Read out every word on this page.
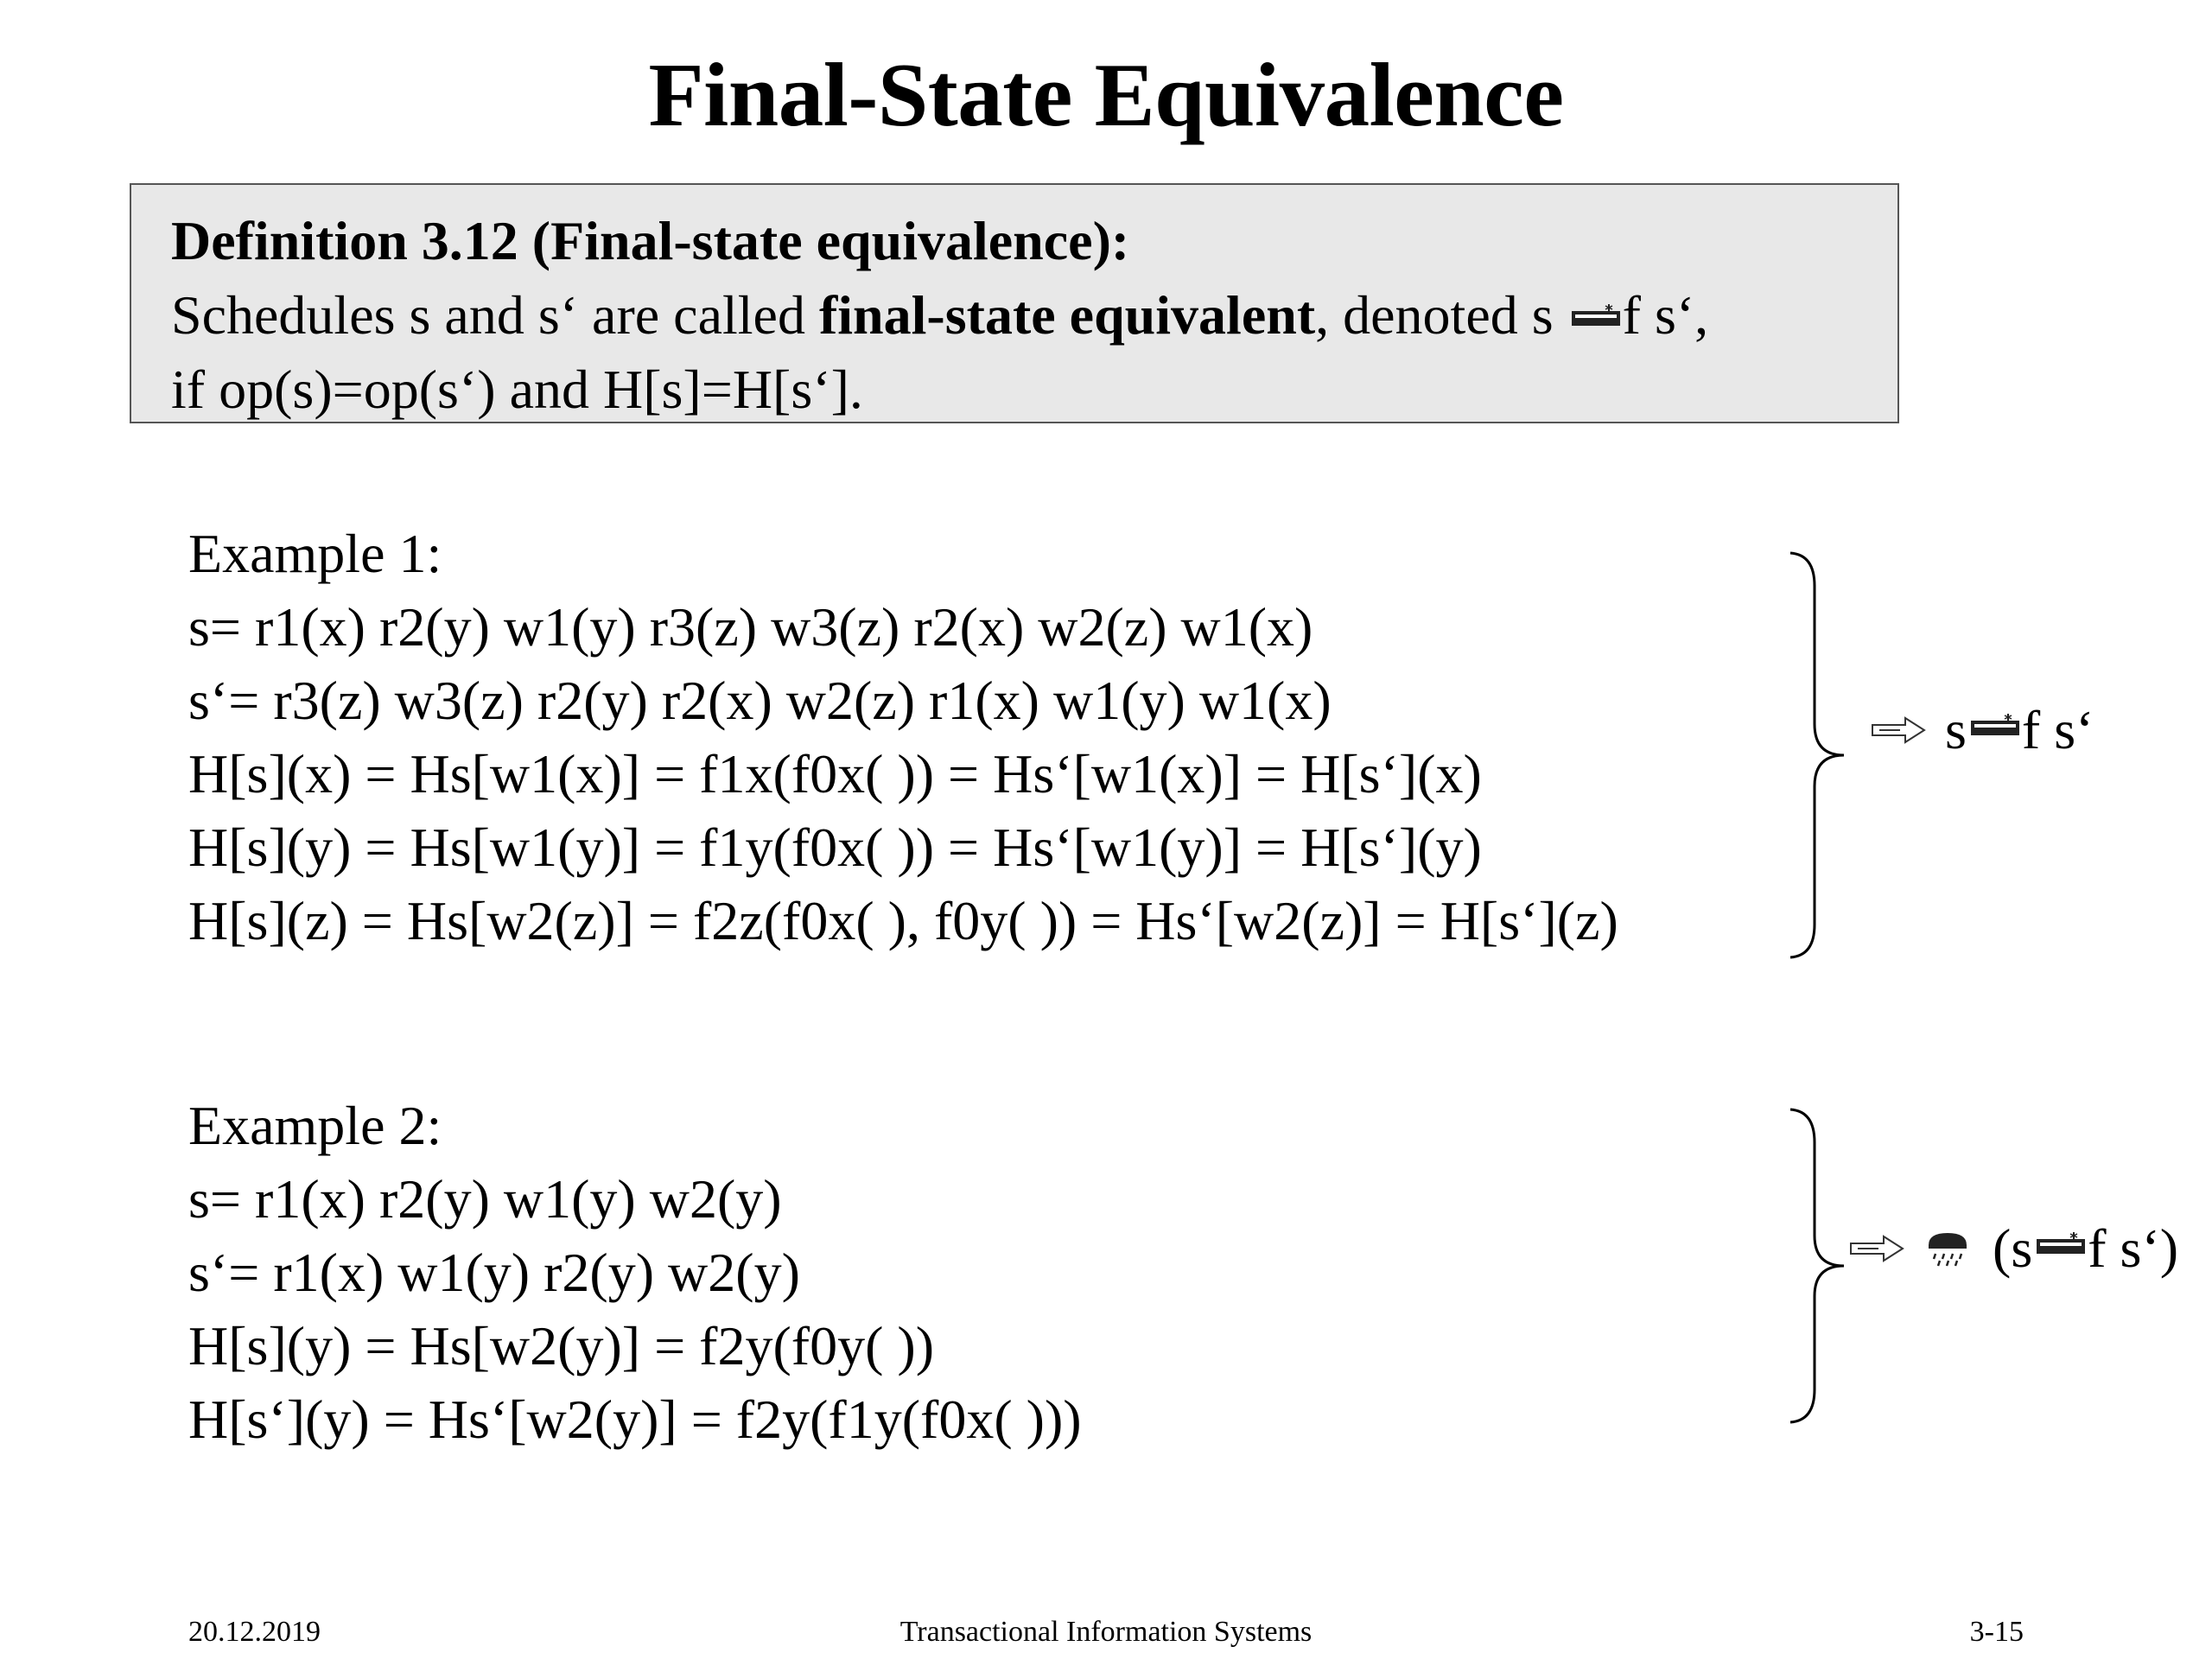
Final-State Equivalence
Definition 3.12 (Final-state equivalence):
Schedules s and s‘ are called final-state equivalent, denoted s
f s‘,
if op(s)=op(s‘) and H[s]=H[s‘].
Example 1:
s= r1(x) r2(y) w1(y) r3(z) w3(z) r2(x) w2(z) w1(x)
s‘= r3(z) w3(z) r2(y) r2(x) w2(z) r1(x) w1(y) w1(x)
H[s](x) = Hs[w1(x)] = f1x(f0x( )) = Hs‘[w1(x)] = H[s‘](x)
H[s](y) = Hs[w1(y)] = f1y(f0x( )) = Hs‘[w1(y)] = H[s‘](y)
H[s](z) = Hs[w2(z)] = f2z(f0x( ), f0y( )) = Hs‘[w2(z)] = H[s‘](z)
s f s‘
Example 2:
s= r1(x) r2(y) w1(y) w2(y)
s‘= r1(x) w1(y) r2(y) w2(y)
H[s](y) = Hs[w2(y)] = f2y(f0y( ))
H[s‘](y) = Hs‘[w2(y)] = f2y(f1y(f0x( )))
(s f s‘)
20.12.2019	Transactional Information Systems	3-15
